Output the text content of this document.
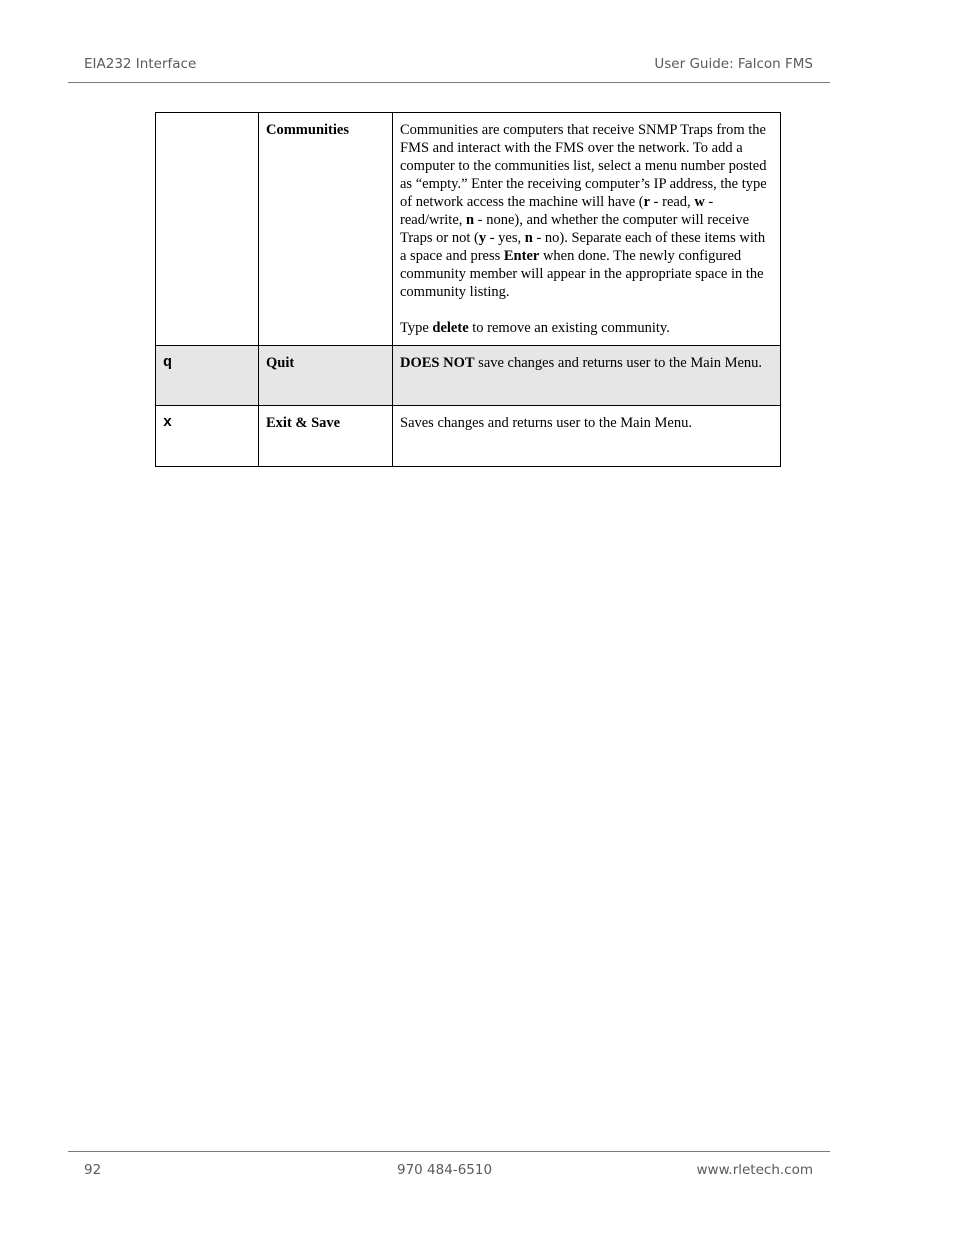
EIA232 Interface	User Guide: Falcon FMS
	Communities	Communities are computers that receive SNMP Traps from the FMS and interact with the FMS over the network. To add a computer to the communities list, select a menu number posted as “empty.” Enter the receiving computer’s IP address, the type of network access the machine will have (r - read, w - read/write, n - none), and whether the computer will receive Traps or not (y - yes, n - no). Separate each of these items with a space and press Enter when done. The newly configured community member will appear in the appropriate space in the community listing.

Type delete to remove an existing community.

q	Quit	DOES NOT save changes and returns user to the Main Menu.
x	Exit & Save	Saves changes and returns user to the Main Menu.
92	970 484-6510	www.rletech.com
